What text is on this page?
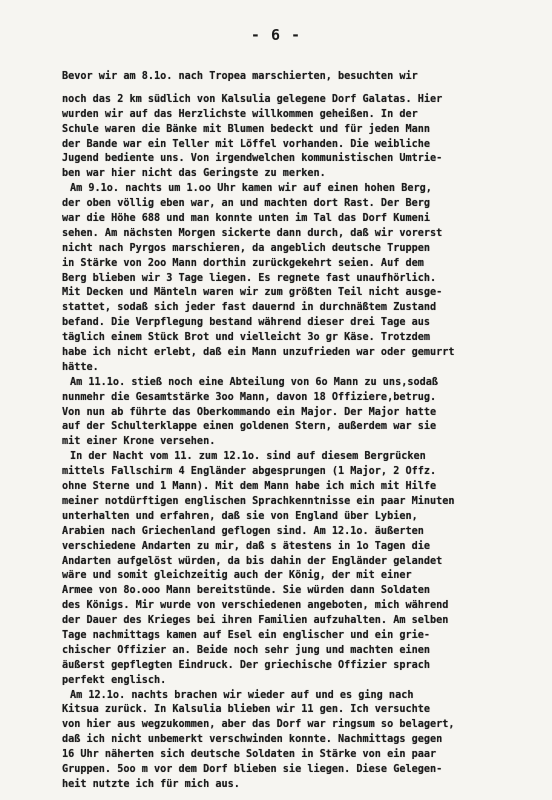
- 6 -
Bevor wir am 8.1o. nach Tropea marschierten, besuchten wir
noch das 2 km südlich von Kalsulia gelegene Dorf Galatas. Hier
wurden wir auf das Herzlichste willkommen geheißen. In der
Schule waren die Bänke mit Blumen bedeckt und für jeden Mann
der Bande war ein Teller mit Löffel vorhanden. Die weibliche
Jugend bediente uns. Von irgendwelchen kommunistischen Umtrie-
ben war hier nicht das Geringste zu merken.
Am 9.1o. nachts um 1.oo Uhr kamen wir auf einen hohen Berg,
der oben völlig eben war, an und machten dort Rast. Der Berg
war die Höhe 688 und man konnte unten im Tal das Dorf Kumeni
sehen. Am nächsten Morgen sickerte dann durch, daß wir vorerst
nicht nach Pyrgos marschieren, da angeblich deutsche Truppen
in Stärke von 2oo Mann dorthin zurückgekehrt seien. Auf dem
Berg blieben wir 3 Tage liegen. Es regnete fast unaufhörlich.
Mit Decken und Mänteln waren wir zum größten Teil nicht ausge-
stattet, sodaß sich jeder fast dauernd in durchnäßtem Zustand
befand. Die Verpflegung bestand während dieser drei Tage aus
täglich einem Stück Brot und vielleicht 3o gr Käse. Trotzdem
habe ich nicht erlebt, daß ein Mann unzufrieden war oder gemurrt
hätte.
Am 11.1o. stieß noch eine Abteilung von 6o Mann zu uns,sodaß
nunmehr die Gesamtstärke 3oo Mann, davon 18 Offiziere,betrug.
Von nun ab führte das Oberkommando ein Major. Der Major hatte
auf der Schulterklappe einen goldenen Stern, außerdem war sie
mit einer Krone versehen.
In der Nacht vom 11. zum 12.1o. sind auf diesem Bergrücken
mittels Fallschirm 4 Engländer abgesprungen (1 Major, 2 Offz.
ohne Sterne und 1 Mann). Mit dem Mann habe ich mich mit Hilfe
meiner notdürftigen englischen Sprachkenntnisse ein paar Minuten
unterhalten und erfahren, daß sie von England über Lybien,
Arabien nach Griechenland geflogen sind. Am 12.1o. äußerten
verschiedene Andarten zu mir, daß s ätestens in 1o Tagen die
Andarten aufgelöst würden, da bis dahin der Engländer gelandet
wäre und somit gleichzeitig auch der König, der mit einer
Armee von 8o.ooo Mann bereitstünde. Sie würden dann Soldaten
des Königs. Mir wurde von verschiedenen angeboten, mich während
der Dauer des Krieges bei ihren Familien aufzuhalten. Am selben
Tage nachmittags kamen auf Esel ein englischer und ein grie-
chischer Offizier an. Beide noch sehr jung und machten einen
äußerst gepflegten Eindruck. Der griechische Offizier sprach
perfekt englisch.
Am 12.1o. nachts brachen wir wieder auf und es ging nach
Kitsua zurück. In Kalsulia blieben wir 11 gen. Ich versuchte
von hier aus wegzukommen, aber das Dorf war ringsum so belagert,
daß ich nicht unbemerkt verschwinden konnte. Nachmittags gegen
16 Uhr näherten sich deutsche Soldaten in Stärke von ein paar
Gruppen. 5oo m vor dem Dorf blieben sie liegen. Diese Gelegen-
heit nutzte ich für mich aus.
